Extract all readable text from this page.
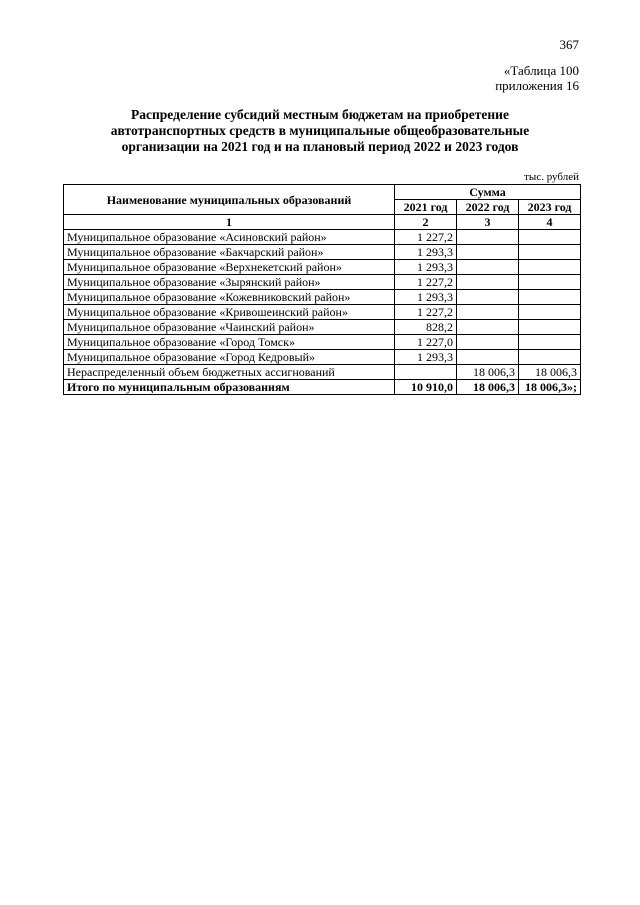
367
«Таблица 100
приложения 16
Распределение субсидий местным бюджетам на приобретение
автотранспортных средств в муниципальные общеобразовательные
организации на 2021 год и на плановый период 2022 и 2023 годов
тыс. рублей
Наименование муниципальных образований	Сумма		
	2021 год	2022 год	2023 год
1	2	3	4
Муниципальное образование «Асиновский район»	1 227,2		
Муниципальное образование «Бакчарский район»	1 293,3		
Муниципальное образование «Верхнекетский район»	1 293,3		
Муниципальное образование «Зырянский район»	1 227,2		
Муниципальное образование «Кожевниковский район»	1 293,3		
Муниципальное образование «Кривошеинский район»	1 227,2		
Муниципальное образование «Чаинский район»	828,2		
Муниципальное образование «Город Томск»	1 227,0		
Муниципальное образование «Город Кедровый»	1 293,3		
Нераспределенный объем бюджетных ассигнований		18 006,3	18 006,3
Итого по муниципальным образованиям	10 910,0	18 006,3	18 006,3»;
